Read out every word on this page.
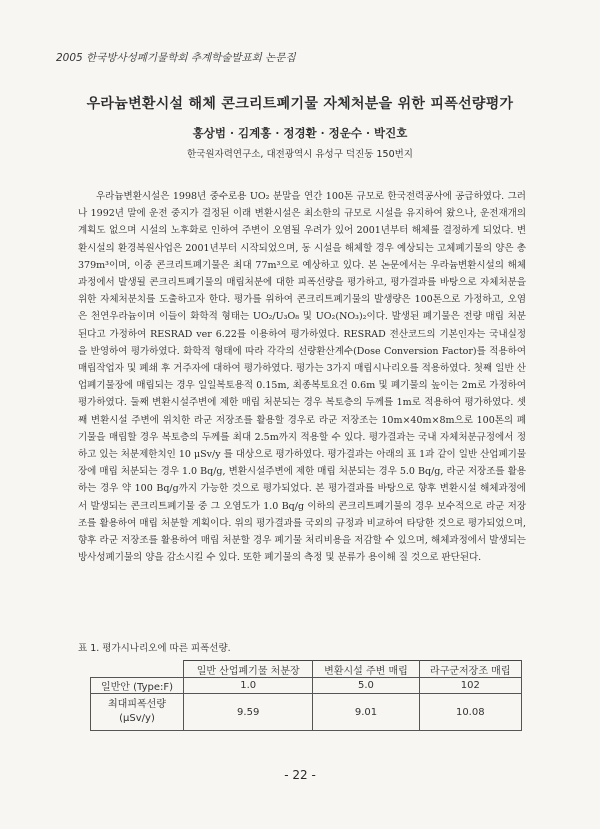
2005 한국방사성폐기물학회 추계학술발표회 논문집
우라늄변환시설 해체 콘크리트폐기물 자체처분을 위한 피폭선량평가
홍상범 · 김계홍 · 정경환 · 정운수 · 박진호
한국원자력연구소, 대전광역시 유성구 덕진동 150번지

우라늄변환시설은 1998년 중수로용 UO₂ 분말을 연간 100톤 규모로 한국전력공사에 공급하였다. 그러나 1992년 말에 운전 중지가 결정된 이래 변환시설은 최소한의 규모로 시설을 유지하여 왔으나, 운전재개의 계획도 없으며 시설의 노후화로 인하여 주변이 오염될 우려가 있어 2001년부터 해체를 결정하게 되었다. 변환시설의 환경복원사업은 2001년부터 시작되었으며, 동 시설을 해체할 경우 예상되는 고체폐기물의 양은 총 379m³이며, 이중 콘크리트폐기물은 최대 77m³으로 예상하고 있다. 본 논문에서는 우라늄변환시설의 해체과정에서 발생될 콘크리트폐기물의 매립처분에 대한 피폭선량을 평가하고, 평가결과를 바탕으로 자체처분을 위한 자체처분치를 도출하고자 한다. 평가를 위하여 콘크리트폐기물의 발생량은 100톤으로 가정하고, 오염은 천연우라늄이며 이들이 화학적 형태는 UO₂/U₃O₈ 및 UO₂(NO₃)₂이다. 발생된 폐기물은 전량 매립 처분된다고 가정하여 RESRAD ver 6.22를 이용하여 평가하였다. RESRAD 전산코드의 기본인자는 국내실정을 반영하여 평가하였다. 화학적 형태에 따라 각각의 선량환산계수(Dose Conversion Factor)를 적용하여 매립작업자 및 폐쇄 후 거주자에 대하여 평가하였다. 평가는 3가지 매립시나리오를 적용하였다. 첫째 일반 산업폐기물장에 매립되는 경우 일일복토용적 0.15m, 최종복토요건 0.6m 및 폐기물의 높이는 2m로 가정하여 평가하였다. 둘째 변환시설주변에 제한 매립 처분되는 경우 복토층의 두께를 1m로 적용하여 평가하였다. 셋째 변환시설 주변에 위치한 라군 저장조를 활용할 경우로 라군 저장조는 10m×40m×8m으로 100톤의 폐기물을 매립할 경우 복토층의 두께를 최대 2.5m까지 적용할 수 있다. 평가결과는 국내 자체처분규정에서 정하고 있는 처분제한치인 10 μSv/y 를 대상으로 평가하였다. 평가결과는 아래의 표 1과 같이 일반 산업폐기물장에 매립 처분되는 경우 1.0 Bq/g, 변환시설주변에 제한 매립 처분되는 경우 5.0 Bq/g, 라군 저장조를 활용하는 경우 약 100 Bq/g까지 가능한 것으로 평가되었다. 본 평가결과를 바탕으로 향후 변환시설 해체과정에서 발생되는 콘크리트폐기물 중 그 오염도가 1.0 Bq/g 이하의 콘크리트폐기물의 경우 보수적으로 라군 저장조를 활용하여 매립 처분할 계획이다. 위의 평가결과를 국외의 규정과 비교하여 타당한 것으로 평가되었으며, 향후 라군 저장조를 활용하여 매립 처분할 경우 폐기물 처리비용을 저감할 수 있으며, 해체과정에서 발생되는 방사성폐기물의 양을 감소시킬 수 있다. 또한 폐기물의 측정 및 분류가 용이해 질 것으로 판단된다.

표 1. 평가시나리오에 따른 피폭선량.
	일반 산업폐기물 처분장	변환시설 주변 매립	라구군저장조 매립
일반안 (Type:F)	1.0	5.0	102

최대피폭선량
(μSv/y)	9.59	9.01	10.08
- 22 -
